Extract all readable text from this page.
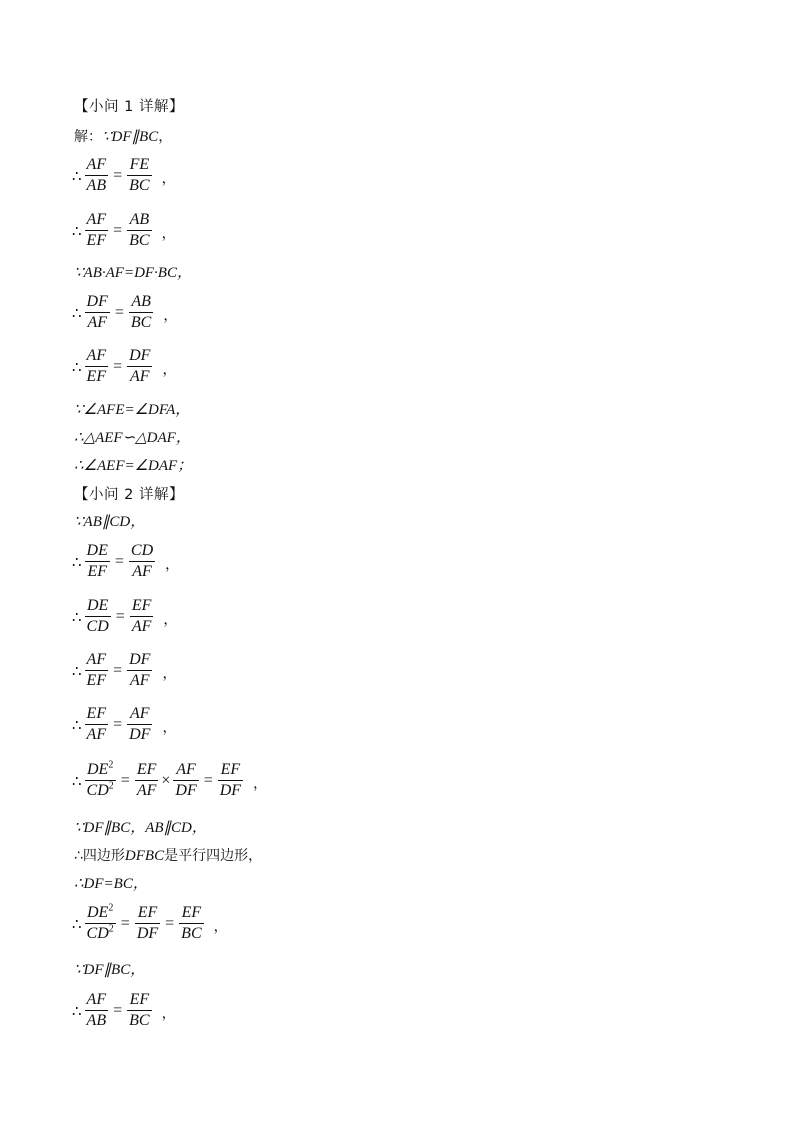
【小问 1 详解】
解：∵DF∥BC，
∴ $\frac{AF}{AB} = \frac{FE}{BC}$ ，
∴ $\frac{AF}{EF} = \frac{AB}{BC}$ ，
∵AB·AF=DF·BC，
∴ $\frac{DF}{AF} = \frac{AB}{BC}$ ，
∴ $\frac{AF}{EF} = \frac{DF}{AF}$ ，
∵∠AFE=∠DFA，
∴△AEF∽△DAF，
∴∠AEF=∠DAF；
【小问 2 详解】
∵AB∥CD，
∴ $\frac{DE}{EF} = \frac{CD}{AF}$ ，
∴ $\frac{DE}{CD} = \frac{EF}{AF}$ ，
∴ $\frac{AF}{EF} = \frac{DF}{AF}$ ，
∴ $\frac{EF}{AF} = \frac{AF}{DF}$ ，
∴ $\frac{DE^2}{CD^2} = \frac{EF}{AF} \times \frac{AF}{DF} = \frac{EF}{DF}$ ，
∵DF∥BC，AB∥CD，
∴四边形DFBC是平行四边形，
∴DF=BC，
∴ $\frac{DE^2}{CD^2} = \frac{EF}{DF} = \frac{EF}{BC}$ ，
∵DF∥BC，
∴ $\frac{AF}{AB} = \frac{EF}{BC}$ ，
